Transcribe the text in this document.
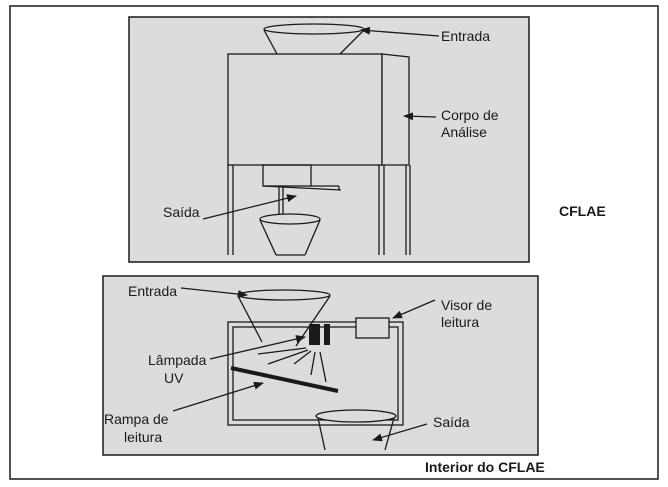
Entrada
Corpo de
Análise
Saída	CFLAE
Entrada
Visor de
leitura
Lâmpada
UV
Rampa de
leitura
Saída
Interior do CFLAE
